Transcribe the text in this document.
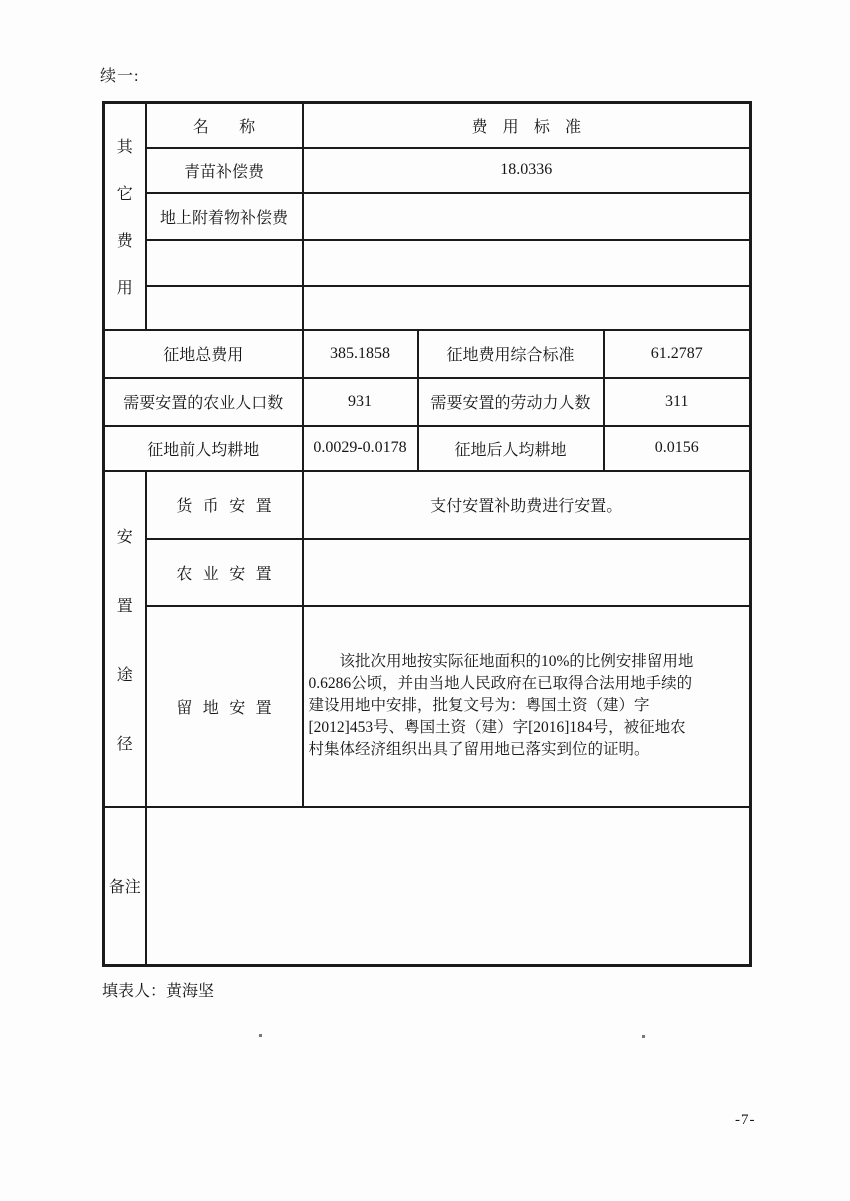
续一:
其
它
费
用	名称	费用标准		
	青苗补偿费	18.0336		
	地上附着物补偿费			

征地总费用		385.1858	征地费用综合标准	61.2787
需要安置的农业人口数		931	需要安置的劳动力人数	311
征地前人均耕地		0.0029-0.0178	征地后人均耕地	0.0156

安
置
途
径	货币安置	支付安置补助费进行安置。		
	农业安置			
	留地安置	该批次用地按实际征地面积的10%的比例安排留用地
0.6286公顷，并由当地人民政府在已取得合法用地手续的
建设用地中安排，批复文号为：粤国土资（建）字
[2012]453号、粤国土资（建）字[2016]184号，被征地农
村集体经济组织出具了留用地已落实到位的证明。		

备注				
填表人：黄海坚
-7-
